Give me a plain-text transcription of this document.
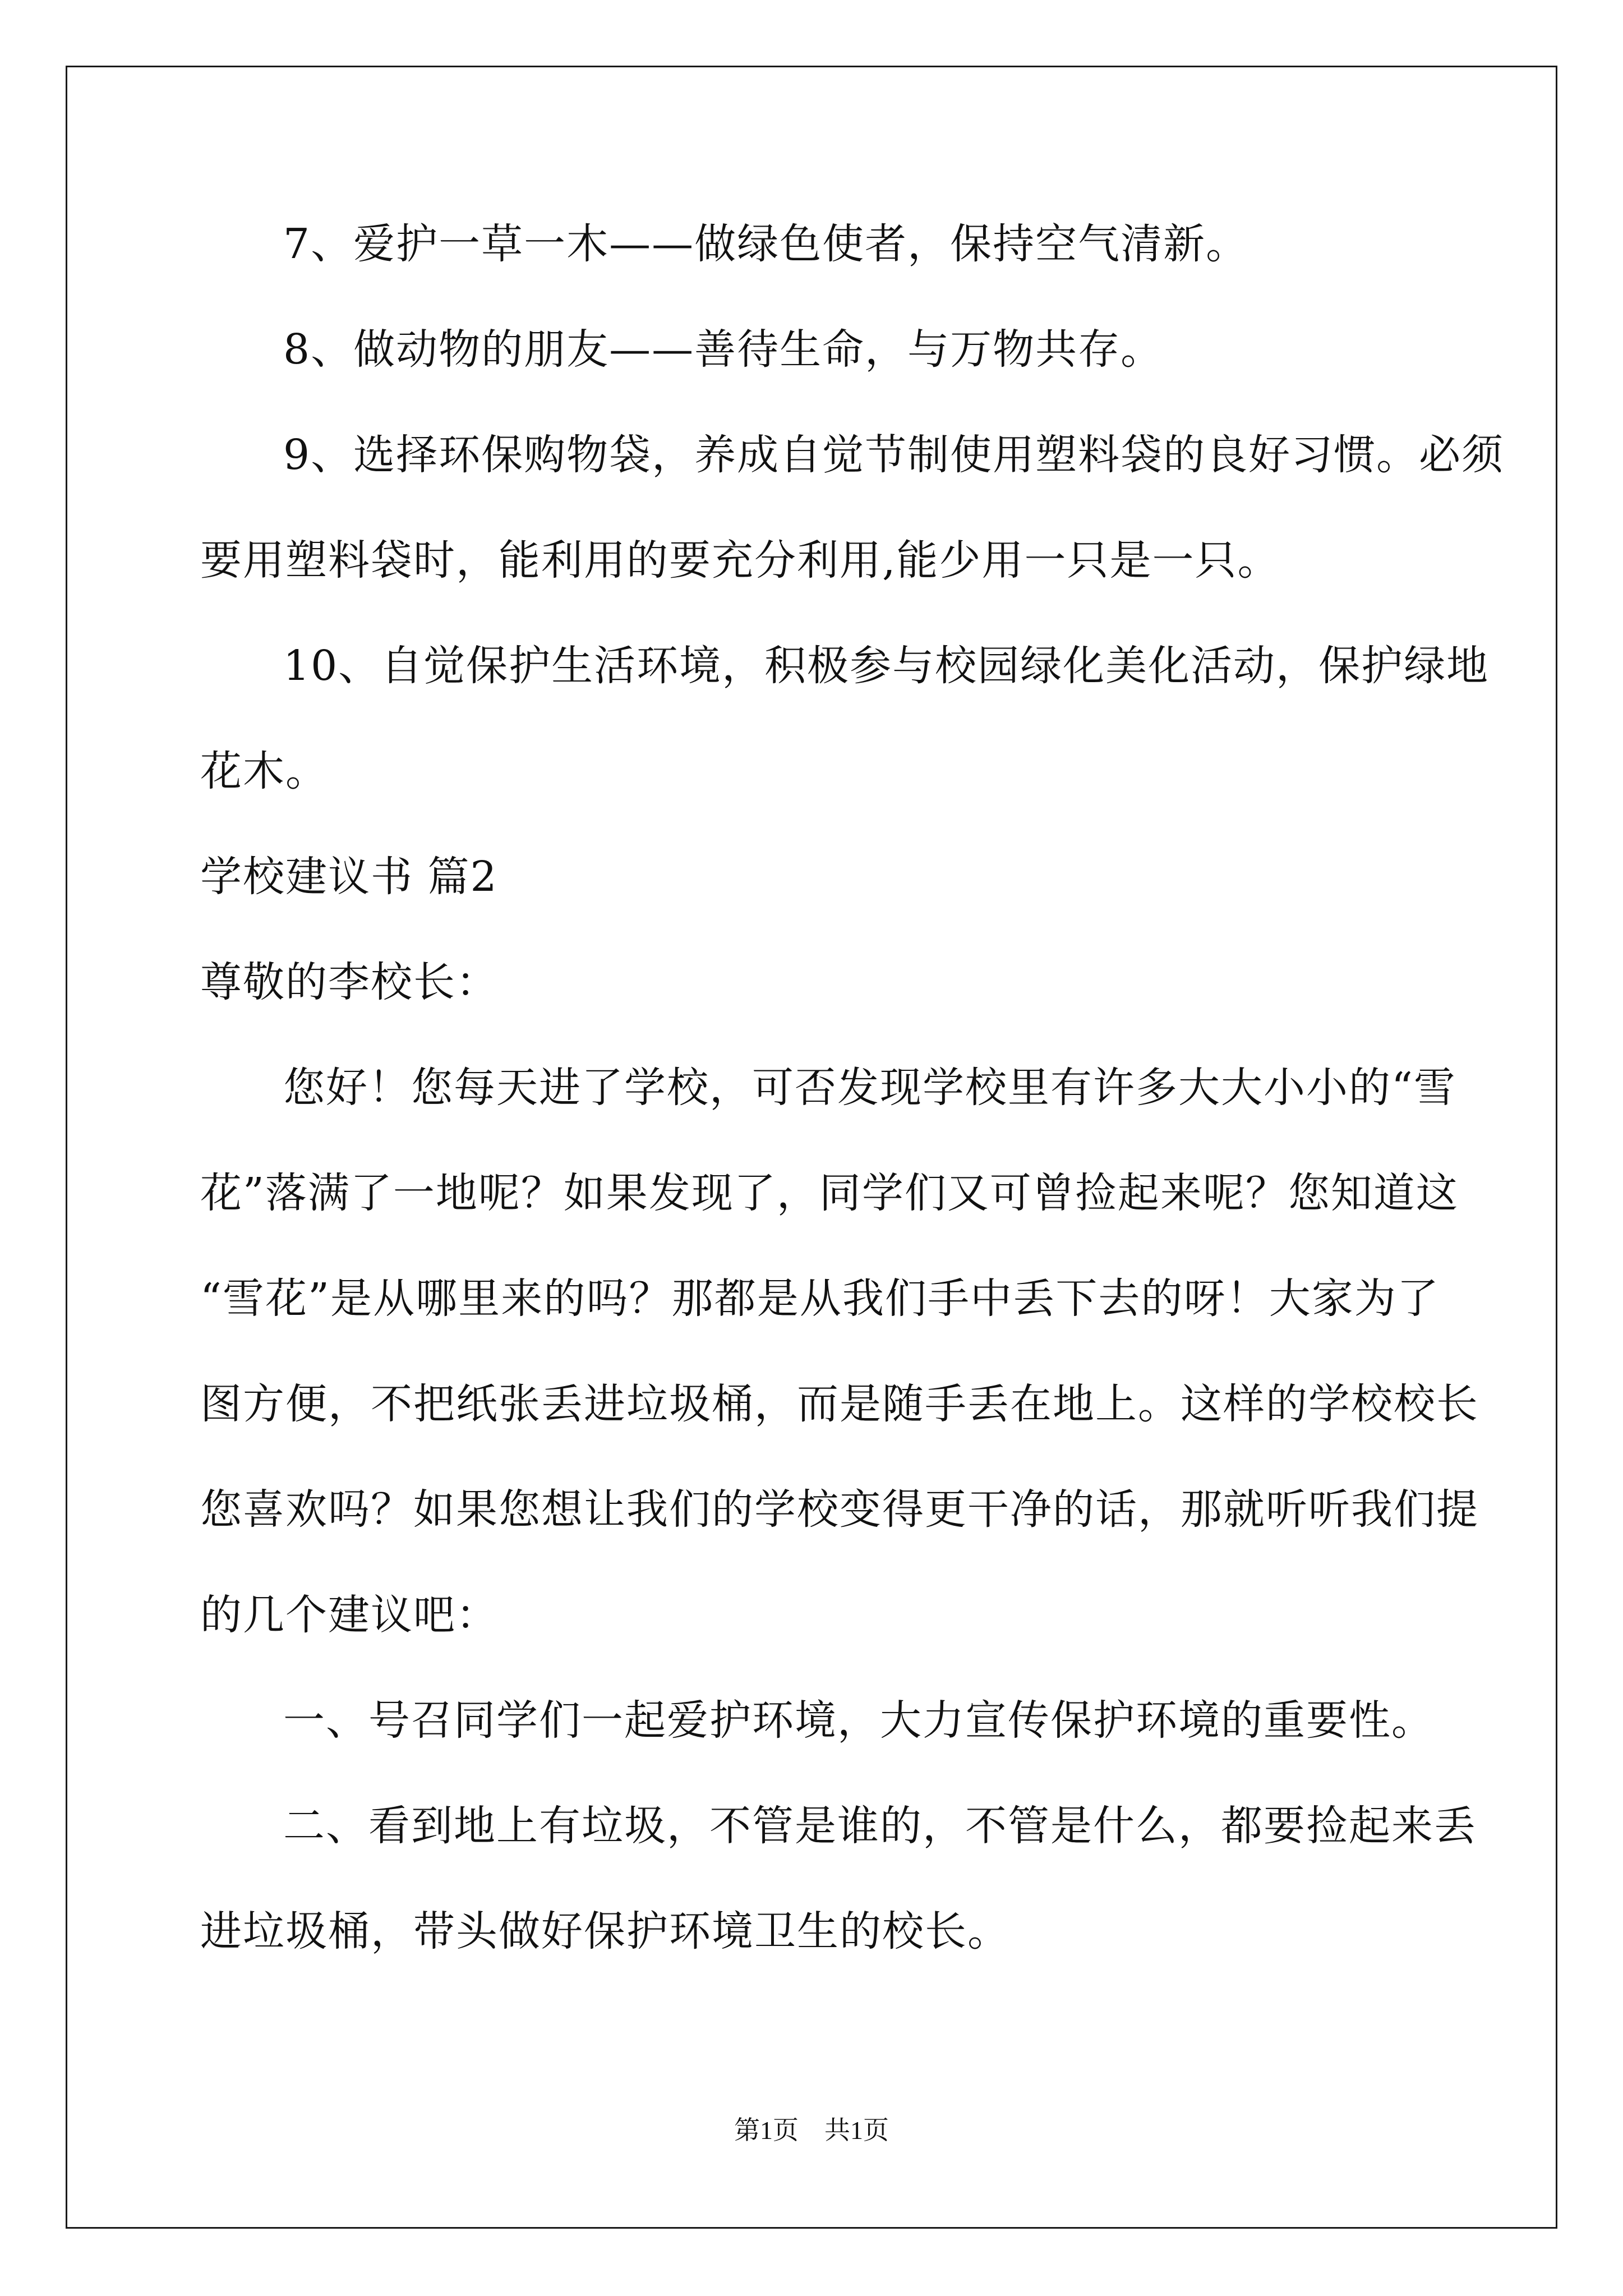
7、爱护一草一木——做绿色使者，保持空气清新。
8、做动物的朋友——善待生命，与万物共存。
9、选择环保购物袋，养成自觉节制使用塑料袋的良好习惯。必须
要用塑料袋时，能利用的要充分利用,能少用一只是一只。
10、自觉保护生活环境，积极参与校园绿化美化活动，保护绿地
花木。
学校建议书 篇2
尊敬的李校长：
您好！您每天进了学校，可否发现学校里有许多大大小小的“雪
花”落满了一地呢？如果发现了，同学们又可曾捡起来呢？您知道这
“雪花”是从哪里来的吗？那都是从我们手中丢下去的呀！大家为了
图方便，不把纸张丢进垃圾桶，而是随手丢在地上。这样的学校校长
您喜欢吗？如果您想让我们的学校变得更干净的话，那就听听我们提
的几个建议吧：
一、号召同学们一起爱护环境，大力宣传保护环境的重要性。
二、看到地上有垃圾，不管是谁的，不管是什么，都要捡起来丢
进垃圾桶，带头做好保护环境卫生的校长。
第1页　共1页
